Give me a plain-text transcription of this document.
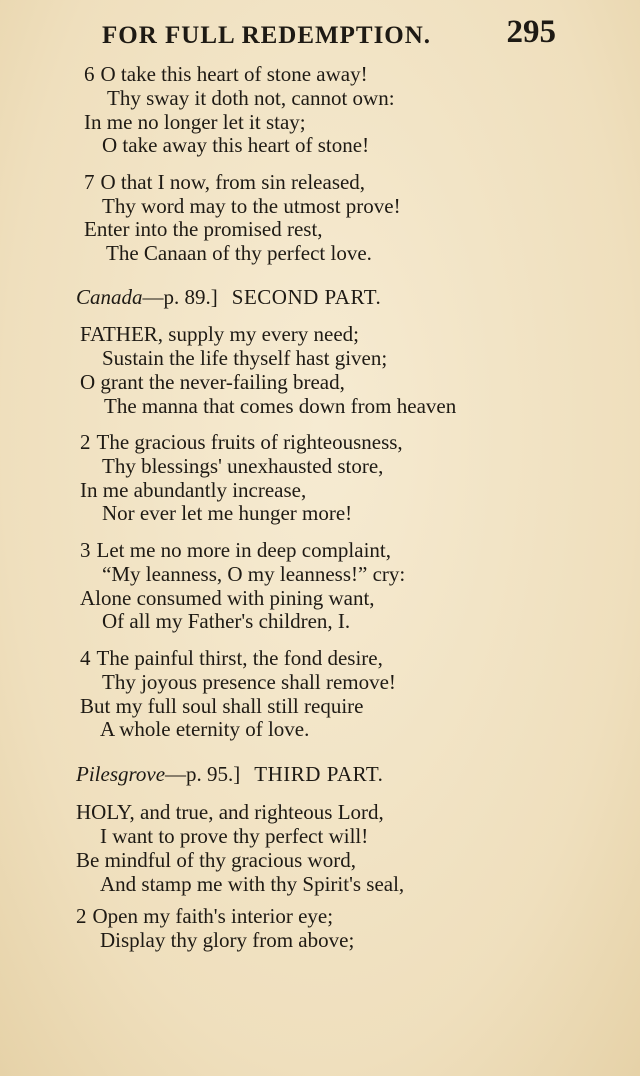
FOR FULL REDEMPTION. 295
6 O take this heart of stone away!
Thy sway it doth not, cannot own:
In me no longer let it stay;
O take away this heart of stone!
7 O that I now, from sin released,
Thy word may to the utmost prove!
Enter into the promised rest,
The Canaan of thy perfect love.
Canada—p. 89.] SECOND PART.
FATHER, supply my every need;
Sustain the life thyself hast given;
O grant the never-failing bread,
The manna that comes down from heaven
2 The gracious fruits of righteousness,
Thy blessings' unexhausted store,
In me abundantly increase,
Nor ever let me hunger more!
3 Let me no more in deep complaint,
“My leanness, O my leanness!” cry:
Alone consumed with pining want,
Of all my Father's children, I.
4 The painful thirst, the fond desire,
Thy joyous presence shall remove!
But my full soul shall still require
A whole eternity of love.
Pilesgrove—p. 95.] THIRD PART.
HOLY, and true, and righteous Lord,
I want to prove thy perfect will!
Be mindful of thy gracious word,
And stamp me with thy Spirit's seal,
2 Open my faith's interior eye;
Display thy glory from above;
